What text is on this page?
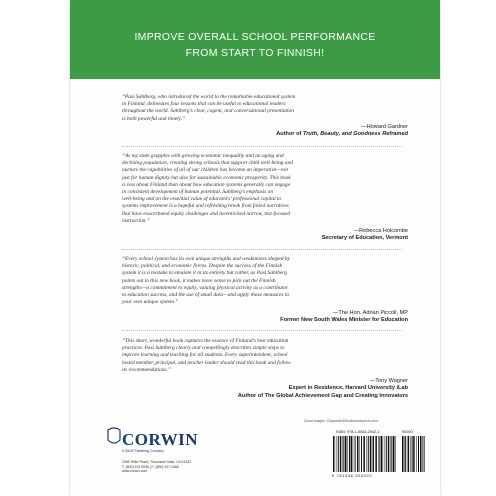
IMPROVE OVERALL SCHOOL PERFORMANCE
FROM START TO FINNISH!

“Pasi Sahlberg, who introduced the world to the remarkable educational system
in Finland, delineates four lessons that can be useful to educational leaders
throughout the world. Sahlberg’s clear, cogent, and conversational presentation
is both powerful and timely.”

—Howard Gardner
Author of Truth, Beauty, and Goodness Reframed

“As my state grapples with growing economic inequality and an aging and
declining population, creating strong schools that support child well-being and
nurture the capabilities of all of our children has become an imperative—not
just for human dignity but also for sustainable economic prosperity. This book
is less about Finland than about how education systems generally can engage
in consistent development of human potential. Sahlberg’s emphasis on
well-being and on the essential value of educators’ professional capital to
systems improvement is a hopeful and refreshing break from failed narratives
that have exacerbated equity challenges and incentivized narrow, test-focused
instruction.”

—Rebecca Holcombe
Secretary of Education, Vermont

“Every school system has its own unique strengths and weaknesses shaped by
historic, political, and economic forces. Despite the success of the Finnish
system it is a mistake to emulate it in its entirety but rather, as Pasi Sahlberg
points out in this new book, it makes more sense to pick out the Finnish
strengths—a commitment to equity, valuing physical activity as a contributor
to education success, and the use of small data—and apply those measures to
your own unique system.”

—The Hon. Adrian Piccoli, MP
Former New South Wales Minister for Education

“This short, wonderful book captures the essence of Finland’s best education
practices. Pasi Sahlberg clearly and compellingly describes simple steps to
improve learning and teaching for all students. Every superintendent, school
board member, principal, and teacher leader should read this book and follow
its recommendations.”

—Tony Wagner
Expert in Residence, Harvard University iLab
Author of The Global Achievement Gap and Creating Innovators
CORWIN
A SAGE Publishing Company
2455 Teller Road | Thousand Oaks, CA 91320
T: (800) 233-9936 | F: (800) 417-2466
www.corwin.com
Cover images: Clipsketch/iStock/istockphoto.com
ISBN: 978-1-5063-2542-2
9 781506 325422
90000
